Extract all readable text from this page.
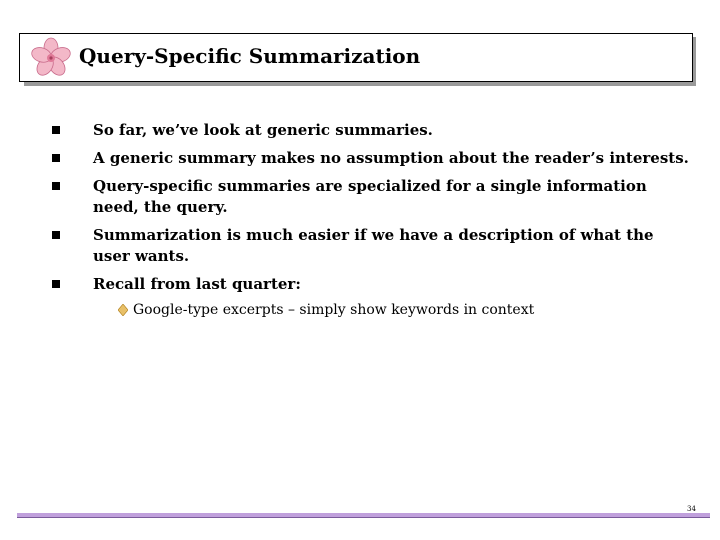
Query-Specific Summarization
So far, we’ve look at generic summaries.
A generic summary makes no assumption about the reader’s interests.
Query-specific summaries are specialized for a single information need, the query.
Summarization is much easier if we have a description of what the user wants.
Recall from last quarter:
Google-type excerpts – simply show keywords in context
34
